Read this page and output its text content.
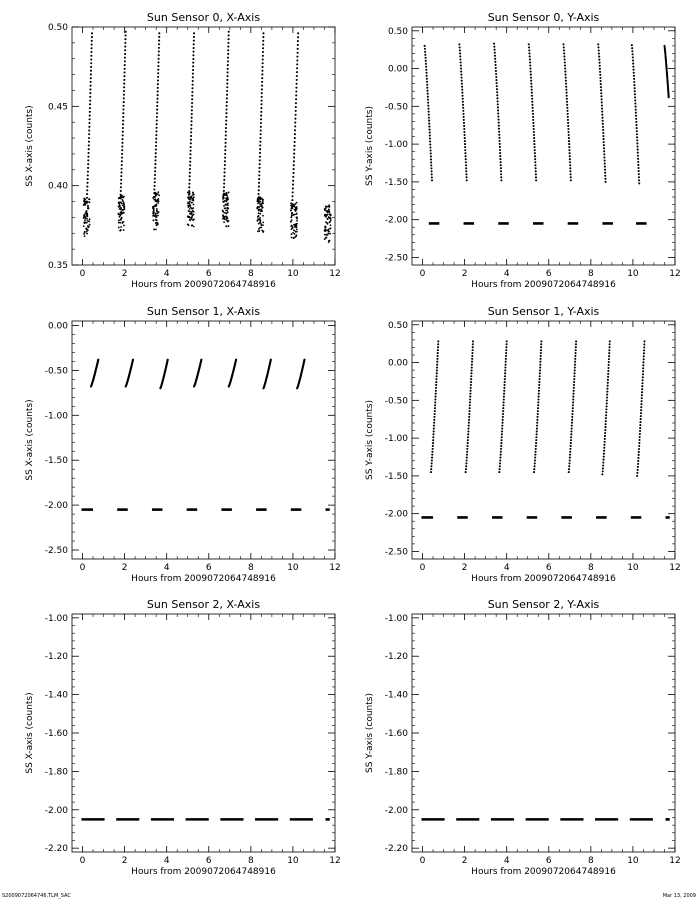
Sun Sensor 0, X-Axis
0	2	4	6	8	10	12
Hours from 2009072064748916
0.35
0.40
0.45
0.50
SS X-axis (counts)
Sun Sensor 0, Y-Axis
0	2	4	6	8	10	12
Hours from 2009072064748916
-2.50
-2.00
-1.50
-1.00
-0.50
0.00
0.50
SS Y-axis (counts)
Sun Sensor 1, X-Axis
0	2	4	6	8	10	12
Hours from 2009072064748916
-2.50
-2.00
-1.50
-1.00
-0.50
0.00
SS X-axis (counts)
Sun Sensor 1, Y-Axis
0	2	4	6	8	10	12
Hours from 2009072064748916
-2.50
-2.00
-1.50
-1.00
-0.50
0.00
0.50
SS Y-axis (counts)
Sun Sensor 2, X-Axis
0	2	4	6	8	10	12
Hours from 2009072064748916
-2.20
-2.00
-1.80
-1.60
-1.40
-1.20
-1.00
SS X-axis (counts)
Sun Sensor 2, Y-Axis
0	2	4	6	8	10	12
Hours from 2009072064748916
-2.20
-2.00
-1.80
-1.60
-1.40
-1.20
-1.00
SS Y-axis (counts)
S2009072064746.TLM_SAC	Mar 13, 2009
